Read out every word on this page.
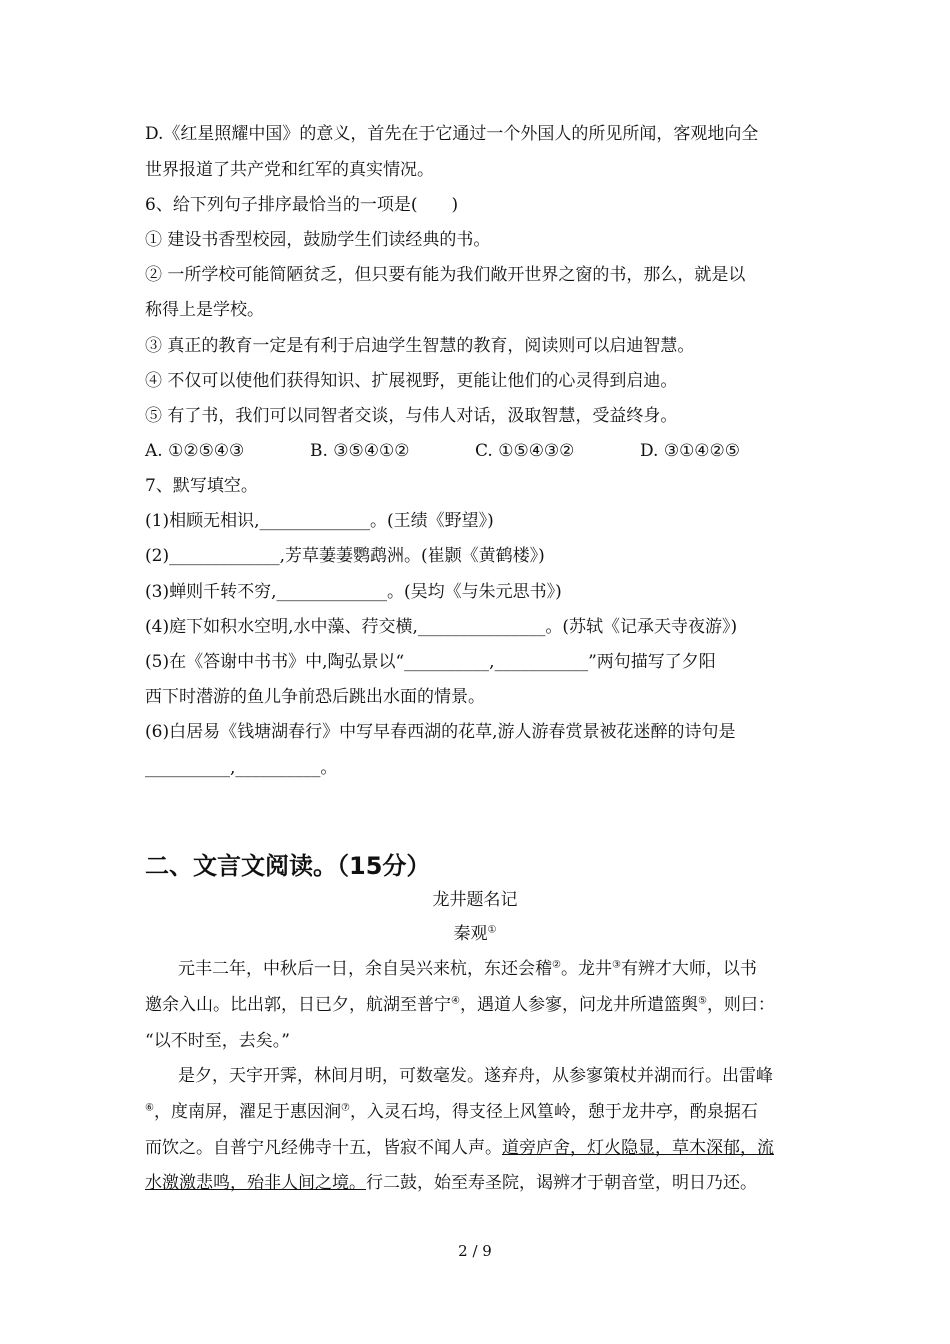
D.《红星照耀中国》的意义，首先在于它通过一个外国人的所见所闻，客观地向全
世界报道了共产党和红军的真实情况。
6、给下列句子排序最恰当的一项是(　　)
① 建设书香型校园，鼓励学生们读经典的书。
② 一所学校可能简陋贫乏，但只要有能为我们敞开世界之窗的书，那么，就是以
称得上是学校。
③ 真正的教育一定是有利于启迪学生智慧的教育，阅读则可以启迪智慧。
④ 不仅可以使他们获得知识、扩展视野，更能让他们的心灵得到启迪。
⑤ 有了书，我们可以同智者交谈，与伟人对话，汲取智慧，受益终身。
A. ①②⑤④③	B. ③⑤④①②	C. ①⑤④③②	D. ③①④②⑤
7、默写填空。
(1)相顾无相识,_____________。(王绩《野望》)
(2)_____________,芳草萋萋鹦鹉洲。(崔颢《黄鹤楼》)
(3)蝉则千转不穷,_____________。(吴均《与朱元思书》)
(4)庭下如积水空明,水中藻、荇交横,_______________。(苏轼《记承天寺夜游》)
(5)在《答谢中书书》中,陶弘景以“__________,___________”两句描写了夕阳
西下时潜游的鱼儿争前恐后跳出水面的情景。
(6)白居易《钱塘湖春行》中写早春西湖的花草,游人游春赏景被花迷醉的诗句是
__________,__________。
二、文言文阅读。（15分）
龙井题名记
秦观①
元丰二年，中秋后一日，余自吴兴来杭，东还会稽②。龙井③有辨才大师，以书
邀余入山。比出郭，日已夕，航湖至普宁④，遇道人参寥，问龙井所遣篮舆⑤，则曰：
“以不时至，去矣。”
是夕，天宇开霁，林间月明，可数毫发。遂弃舟，从参寥策杖并湖而行。出雷峰
⑥，度南屏，濯足于惠因涧⑦，入灵石坞，得支径上风篁岭，憩于龙井亭，酌泉据石
而饮之。自普宁凡经佛寺十五，皆寂不闻人声。道旁庐舍，灯火隐显，草木深郁，流
水激激悲鸣，殆非人间之境。行二鼓，始至寿圣院，谒辨才于朝音堂，明日乃还。
2 / 9
